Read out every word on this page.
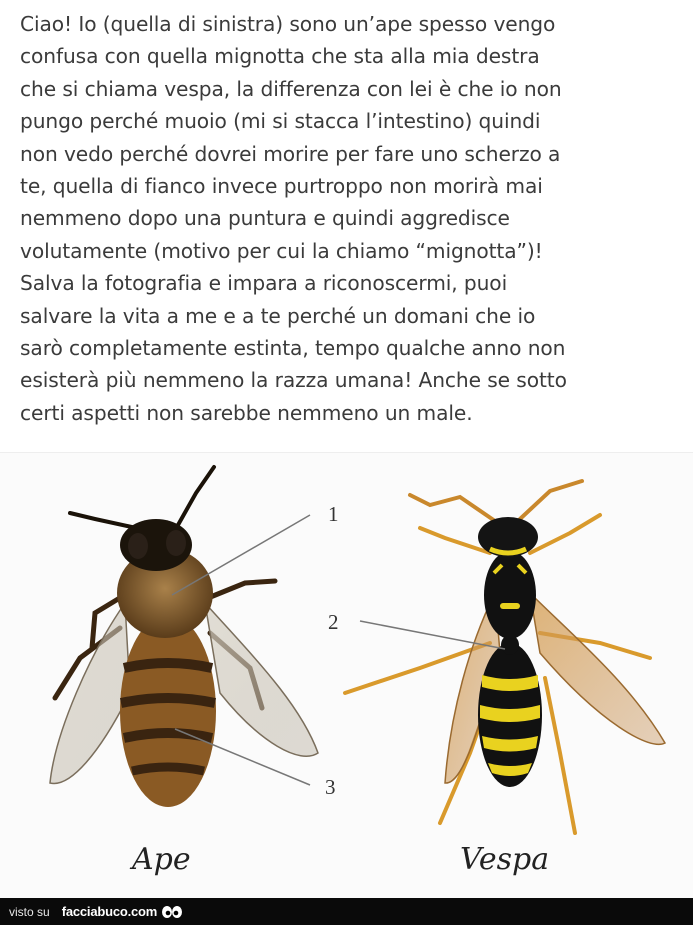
Ciao! Io (quella di sinistra) sono un’ape spesso vengo
confusa con quella mignotta che sta alla mia destra
che si chiama vespa, la differenza con lei è che io non
pungo perché muoio (mi si stacca l’intestino) quindi
non vedo perché dovrei morire per fare uno scherzo a
te, quella di fianco invece purtroppo non morirà mai
nemmeno dopo una puntura e quindi aggredisce
volutamente (motivo per cui la chiamo “mignotta”)!
Salva la fotografia e impara a riconoscermi, puoi
salvare la vita a me e a te perché un domani che io
sarò completamente estinta, tempo qualche anno non
esisterà più nemmeno la razza umana! Anche se sotto
certi aspetti non sarebbe nemmeno un male.

1
2
3
Ape	Vespa
visto su facciabuco.com
